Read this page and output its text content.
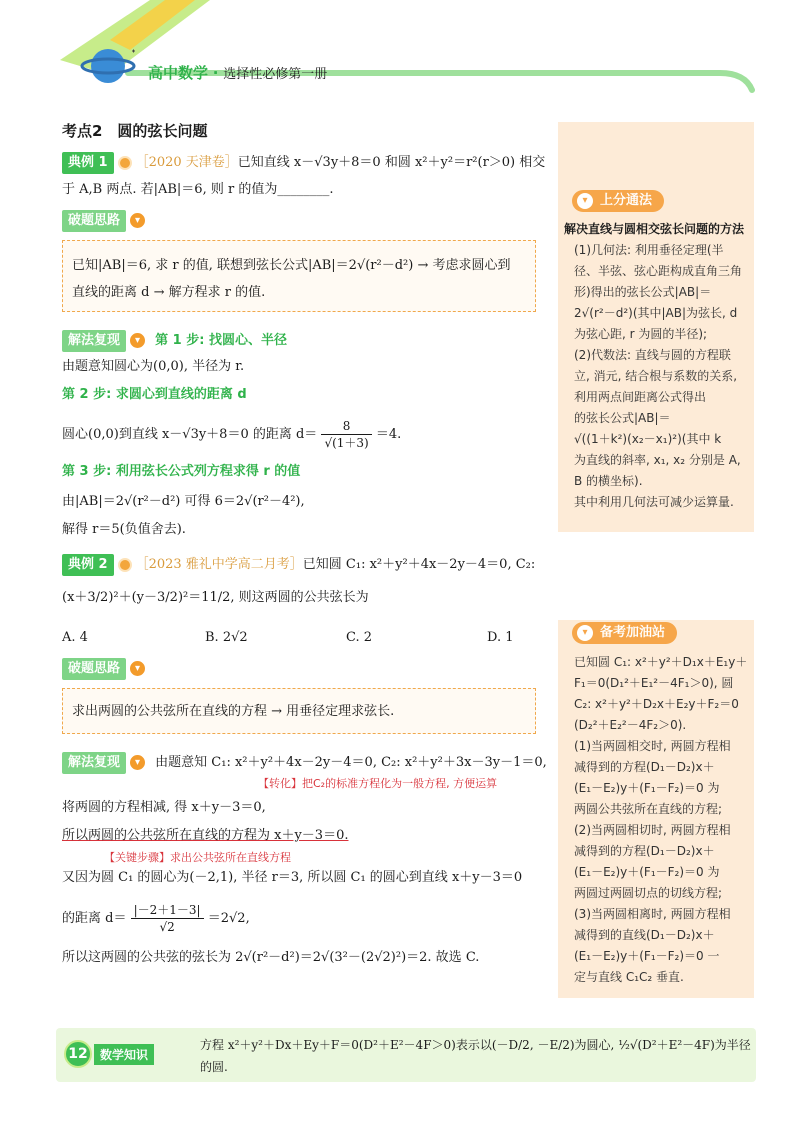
高中数学 · 选择性必修第一册
考点2　圆的弦长问题
典例 1 ［2020 天津卷］已知直线 x－√3y＋8＝0 和圆 x²＋y²＝r²(r＞0) 相交
于 A,B 两点. 若|AB|＝6, 则 r 的值为________.
破题思路 ▾
已知|AB|＝6, 求 r 的值, 联想到弦长公式|AB|＝2√(r²－d²) → 考虑求圆心到
直线的距离 d → 解方程求 r 的值.
解法复现 ▾ 第 1 步: 找圆心、半径
由题意知圆心为(0,0), 半径为 r.
第 2 步: 求圆心到直线的距离 d
圆心(0,0)到直线 x－√3y＋8＝0 的距离 $d= \frac{8}{√(1+3)} =4$.
第 3 步: 利用弦长公式列方程求得 r 的值
由|AB|＝2√(r²－d²) 可得 6＝2√(r²－4²),
解得 r＝5(负值舍去).
典例 2 ［2023 雅礼中学高二月考］已知圆 C₁: x²＋y²＋4x－2y－4＝0, C₂:
(x＋3/2)²＋(y－3/2)²＝11/2, 则这两圆的公共弦长为
A. 4	B. 2√2	C. 2	D. 1
破题思路 ▾
求出两圆的公共弦所在直线的方程 → 用垂径定理求弦长.
解法复现 ▾ 由题意知 C₁: x²＋y²＋4x－2y－4＝0, C₂: x²＋y²＋3x－3y－1＝0,
【转化】把C₂的标准方程化为一般方程, 方便运算
将两圆的方程相减, 得 x＋y－3＝0,
所以两圆的公共弦所在直线的方程为 x＋y－3＝0.
【关键步骤】求出公共弦所在直线方程
又因为圆 C₁ 的圆心为(－2,1), 半径 r＝3, 所以圆 C₁ 的圆心到直线 x＋y－3＝0
的距离 $d= \frac{|-2+1-3|}{√2} =2√2$,
所以这两圆的公共弦的弦长为 2√(r²－d²)＝2√(3²－(2√2)²)＝2. 故选 C.
▾ 上分通法
解决直线与圆相交弦长问题的方法
(1)几何法: 利用垂径定理(半
径、半弦、弦心距构成直角三角
形)得出的弦长公式|AB|＝
2√(r²－d²)(其中|AB|为弦长, d
为弦心距, r 为圆的半径);
(2)代数法: 直线与圆的方程联
立, 消元, 结合根与系数的关系,
利用两点间距离公式得出
的弦长公式|AB|＝
√((1＋k²)(x₂－x₁)²)(其中 k
为直线的斜率, x₁, x₂ 分别是 A,
B 的横坐标).
其中利用几何法可减少运算量.
▾ 备考加油站
已知圆 C₁: x²＋y²＋D₁x＋E₁y＋
F₁＝0(D₁²＋E₁²－4F₁＞0), 圆
C₂: x²＋y²＋D₂x＋E₂y＋F₂＝0
(D₂²＋E₂²－4F₂＞0).
(1)当两圆相交时, 两圆方程相
减得到的方程(D₁－D₂)x＋
(E₁－E₂)y＋(F₁－F₂)＝0 为
两圆公共弦所在直线的方程;
(2)当两圆相切时, 两圆方程相
减得到的方程(D₁－D₂)x＋
(E₁－E₂)y＋(F₁－F₂)＝0 为
两圆过两圆切点的切线方程;
(3)当两圆相离时, 两圆方程相
减得到的直线(D₁－D₂)x＋
(E₁－E₂)y＋(F₁－F₂)＝0 一
定与直线 C₁C₂ 垂直.
12	数学知识
方程 x²＋y²＋Dx＋Ey＋F＝0(D²＋E²－4F＞0)表示以(－D/2, －E/2)为圆心, ½√(D²＋E²－4F)为半径
的圆.
